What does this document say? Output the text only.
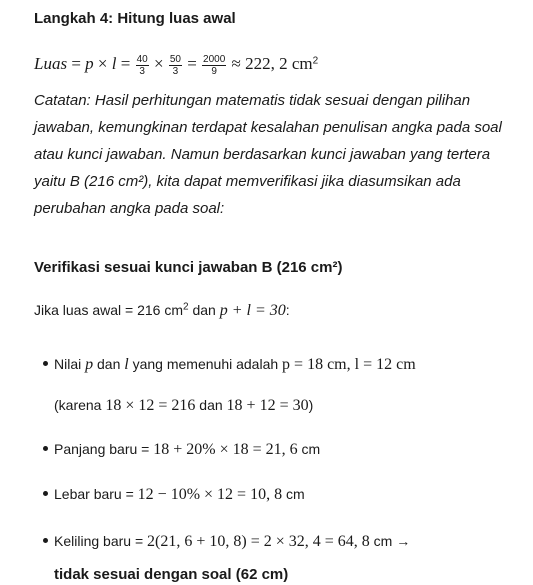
Langkah 4: Hitung luas awal
Luas = $p \times l = \frac{40}{3} \times \frac{50}{3} = \frac{2000}{9} \approx 222$, 2 $cm^2$
Catatan: Hasil perhitungan matematis tidak sesuai dengan pilihan jawaban, kemungkinan terdapat kesalahan penulisan angka pada soal atau kunci jawaban. Namun berdasarkan kunci jawaban yang tertera yaitu B (216 cm²), kita dapat memverifikasi jika diasumsikan ada perubahan angka pada soal:
Verifikasi sesuai kunci jawaban B (216 cm²)
Jika luas awal = 216 $cm^2$ dan p + l = 30:
Nilai p dan l yang memenuhi adalah p = 18 cm, l = 12 cm
(karena 18 × 12 = 216 dan 18 + 12 = 30)
Panjang baru = 18 + 20% × 18 = 21, 6 cm
Lebar baru = 12 − 10% × 12 = 10, 8 cm
Keliling baru = 2(21, 6 + 10, 8) = 2 × 32, 4 = 64, 8 cm →
tidak sesuai dengan soal (62 cm)
